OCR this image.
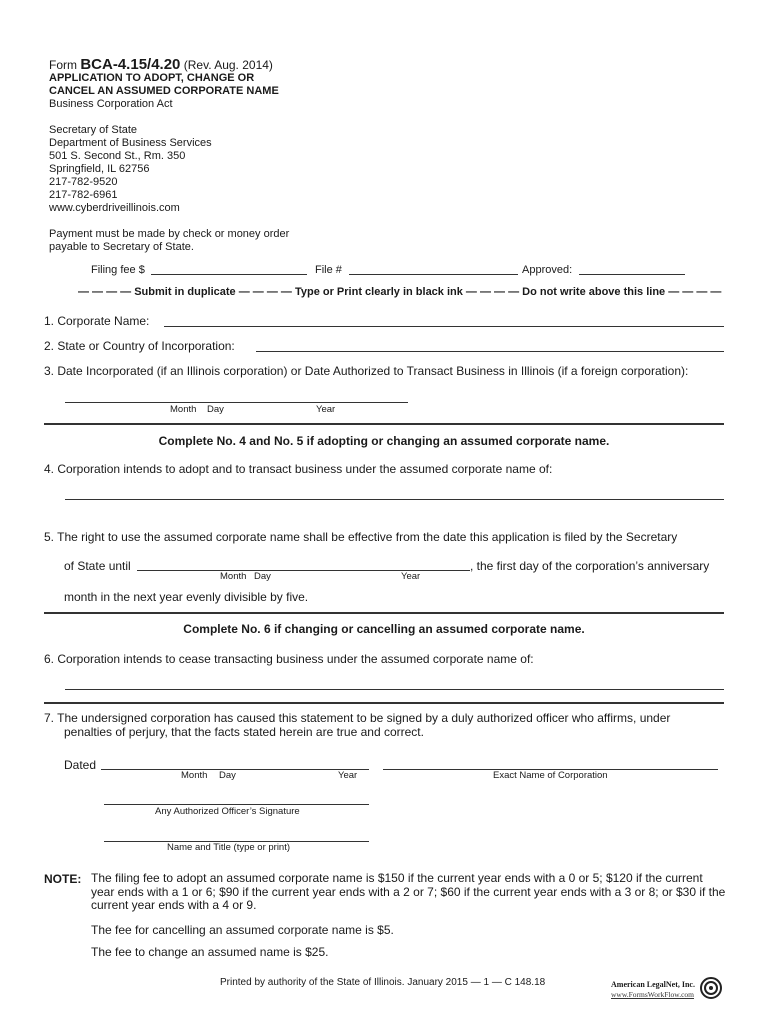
Form BCA-4.15/4.20 (Rev. Aug. 2014)
APPLICATION TO ADOPT, CHANGE OR
CANCEL AN ASSUMED CORPORATE NAME
Business Corporation Act
Secretary of State
Department of Business Services
501 S. Second St., Rm. 350
Springfield, IL 62756
217-782-9520
217-782-6961
www.cyberdriveillinois.com
Payment must be made by check or money order
payable to Secretary of State.
Filing fee $	File #	Approved:
— — — — Submit in duplicate — — — — Type or Print clearly in black ink — — — — Do not write above this line — — — —
1. Corporate Name:
2. State or Country of Incorporation:
3. Date Incorporated (if an Illinois corporation) or Date Authorized to Transact Business in Illinois (if a foreign corporation):
Month Day	Year
Complete No. 4 and No. 5 if adopting or changing an assumed corporate name.
4. Corporation intends to adopt and to transact business under the assumed corporate name of:
5. The right to use the assumed corporate name shall be effective from the date this application is filed by the Secretary
of State until	, the first day of the corporation’s anniversary
Month Day	Year
month in the next year evenly divisible by five.
Complete No. 6 if changing or cancelling an assumed corporate name.
6. Corporation intends to cease transacting business under the assumed corporate name of:
7. The undersigned corporation has caused this statement to be signed by a duly authorized officer who affirms, under
penalties of perjury, that the facts stated herein are true and correct.
Dated
Month Day	Year	Exact Name of Corporation
Any Authorized Officer’s Signature
Name and Title (type or print)
NOTE: The filing fee to adopt an assumed corporate name is $150 if the current year ends with a 0 or 5; $120 if the current year ends with a 1 or 6; $90 if the current year ends with a 2 or 7; $60 if the current year ends with a 3 or 8; or $30 if the current year ends with a 4 or 9.
The fee for cancelling an assumed corporate name is $5.
The fee to change an assumed name is $25.
Printed by authority of the State of Illinois. January 2015 — 1 — C 148.18	American LegalNet, Inc.
www.FormsWorkFlow.com
